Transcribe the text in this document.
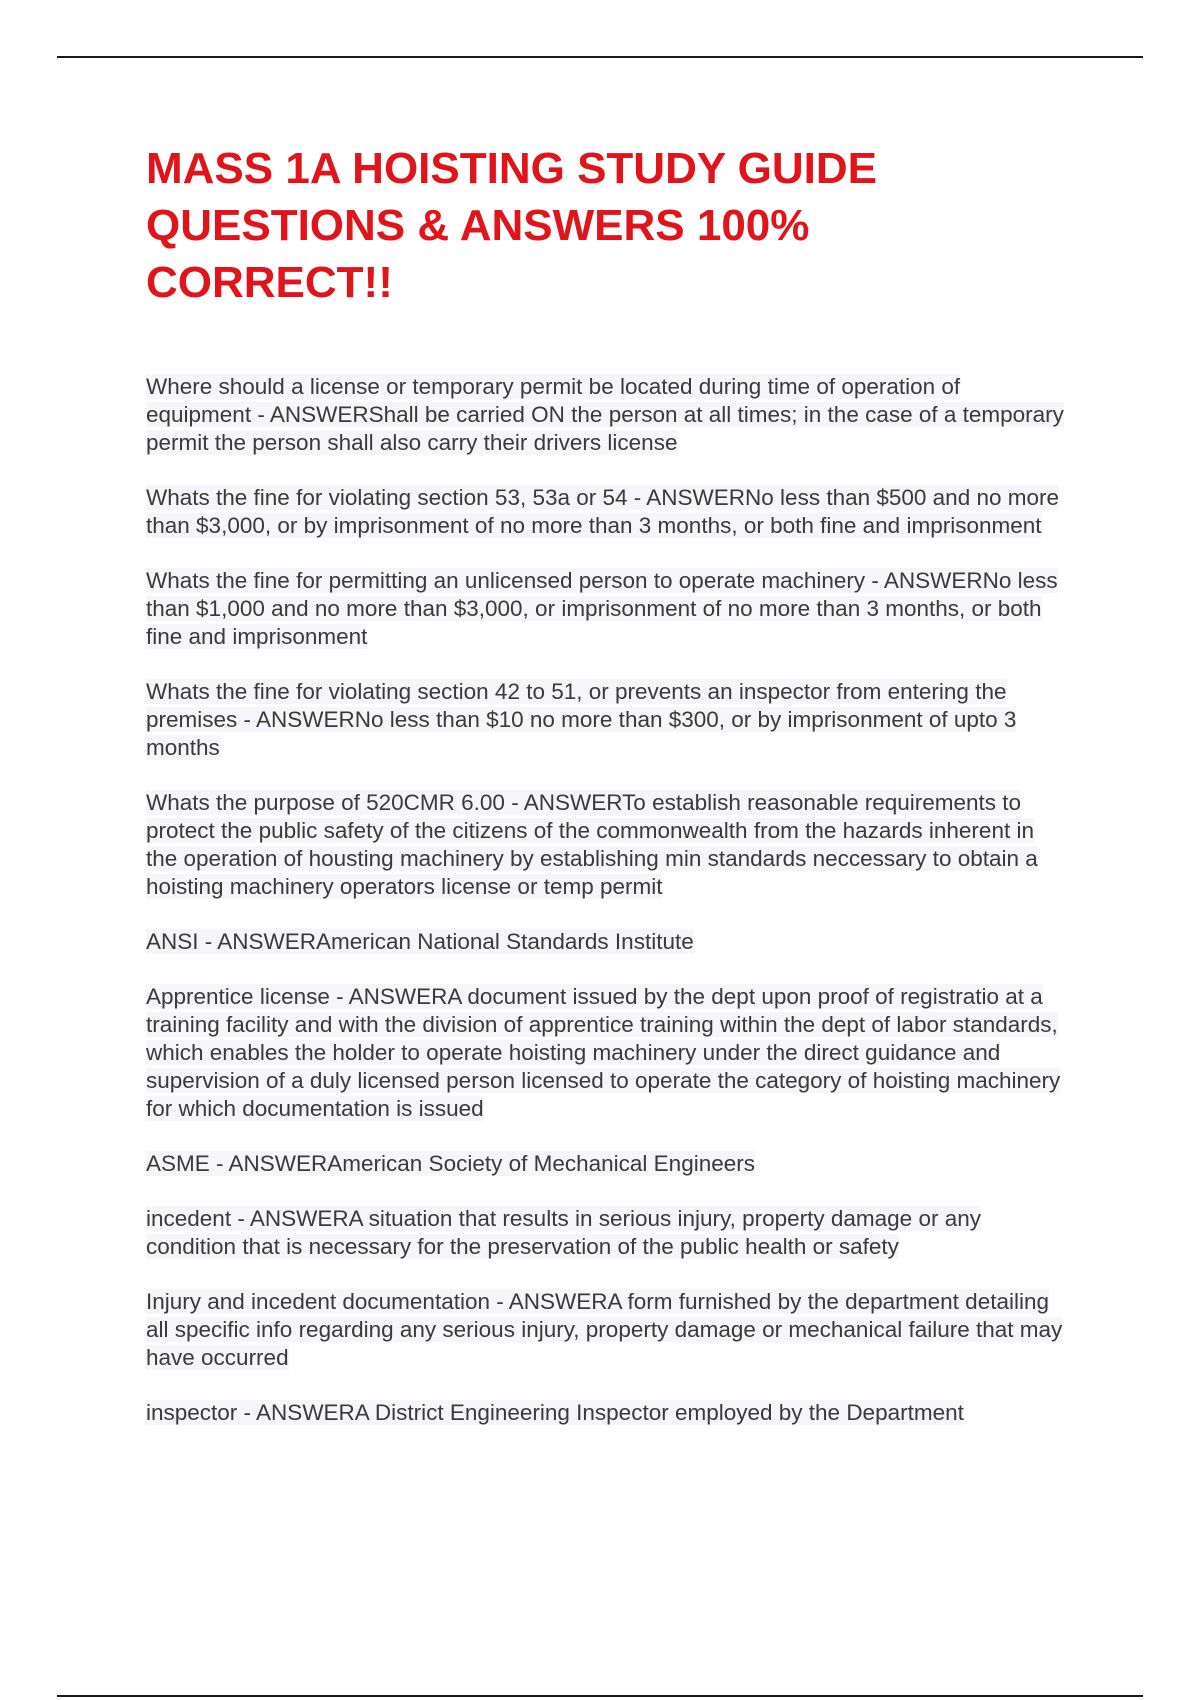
MASS 1A HOISTING STUDY GUIDE QUESTIONS & ANSWERS 100% CORRECT!!
Where should a license or temporary permit be located during time of operation of equipment - ANSWERShall be carried ON the person at all times; in the case of a temporary permit the person shall also carry their drivers license
Whats the fine for violating section 53, 53a or 54 - ANSWERNo less than $500 and no more than $3,000, or by imprisonment of no more than 3 months, or both fine and imprisonment
Whats the fine for permitting an unlicensed person to operate machinery - ANSWERNo less than $1,000 and no more than $3,000, or imprisonment of no more than 3 months, or both fine and imprisonment
Whats the fine for violating section 42 to 51, or prevents an inspector from entering the premises - ANSWERNo less than $10 no more than $300, or by imprisonment of upto 3 months
Whats the purpose of 520CMR 6.00 - ANSWERTo establish reasonable requirements to protect the public safety of the citizens of the commonwealth from the hazards inherent in the operation of housting machinery by establishing min standards neccessary to obtain a hoisting machinery operators license or temp permit
ANSI - ANSWERAmerican National Standards Institute
Apprentice license - ANSWERA document issued by the dept upon proof of registratio at a training facility and with the division of apprentice training within the dept of labor standards, which enables the holder to operate hoisting machinery under the direct guidance and supervision of a duly licensed person licensed to operate the category of hoisting machinery for which documentation is issued
ASME - ANSWERAmerican Society of Mechanical Engineers
incedent - ANSWERA situation that results in serious injury, property damage or any condition that is necessary for the preservation of the public health or safety
Injury and incedent documentation - ANSWERA form furnished by the department detailing all specific info regarding any serious injury, property damage or mechanical failure that may have occurred
inspector - ANSWERA District Engineering Inspector employed by the Department
